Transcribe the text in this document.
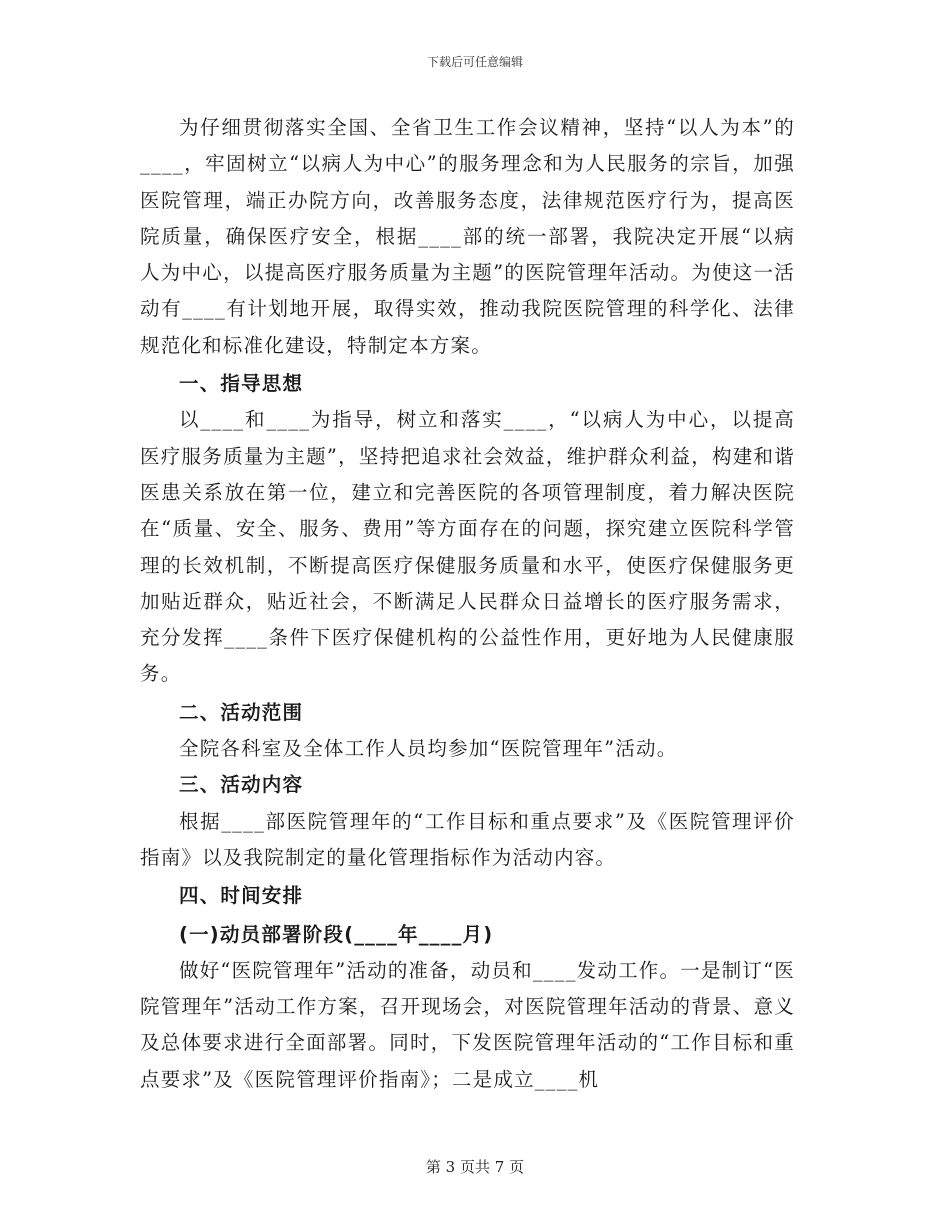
下载后可任意编辑

为仔细贯彻落实全国、全省卫生工作会议精神，坚持“以人为本”的____，牢固树立“以病人为中心”的服务理念和为人民服务的宗旨，加强医院管理，端正办院方向，改善服务态度，法律规范医疗行为，提高医院质量，确保医疗安全，根据____部的统一部署，我院决定开展“以病人为中心，以提高医疗服务质量为主题”的医院管理年活动。为使这一活动有____有计划地开展，取得实效，推动我院医院管理的科学化、法律规范化和标准化建设，特制定本方案。

一、指导思想

以____和____为指导，树立和落实____，“以病人为中心，以提高医疗服务质量为主题”，坚持把追求社会效益，维护群众利益，构建和谐医患关系放在第一位，建立和完善医院的各项管理制度，着力解决医院在“质量、安全、服务、费用”等方面存在的问题，探究建立医院科学管理的长效机制，不断提高医疗保健服务质量和水平，使医疗保健服务更加贴近群众，贴近社会，不断满足人民群众日益增长的医疗服务需求，充分发挥____条件下医疗保健机构的公益性作用，更好地为人民健康服务。

二、活动范围

全院各科室及全体工作人员均参加“医院管理年”活动。

三、活动内容

根据____部医院管理年的“工作目标和重点要求”及《医院管理评价指南》以及我院制定的量化管理指标作为活动内容。

四、时间安排

(一)动员部署阶段(____年____月)

做好“医院管理年”活动的准备，动员和____发动工作。一是制订“医院管理年”活动工作方案，召开现场会，对医院管理年活动的背景、意义及总体要求进行全面部署。同时，下发医院管理年活动的“工作目标和重点要求”及《医院管理评价指南》；二是成立____机

第 3 页共 7 页
